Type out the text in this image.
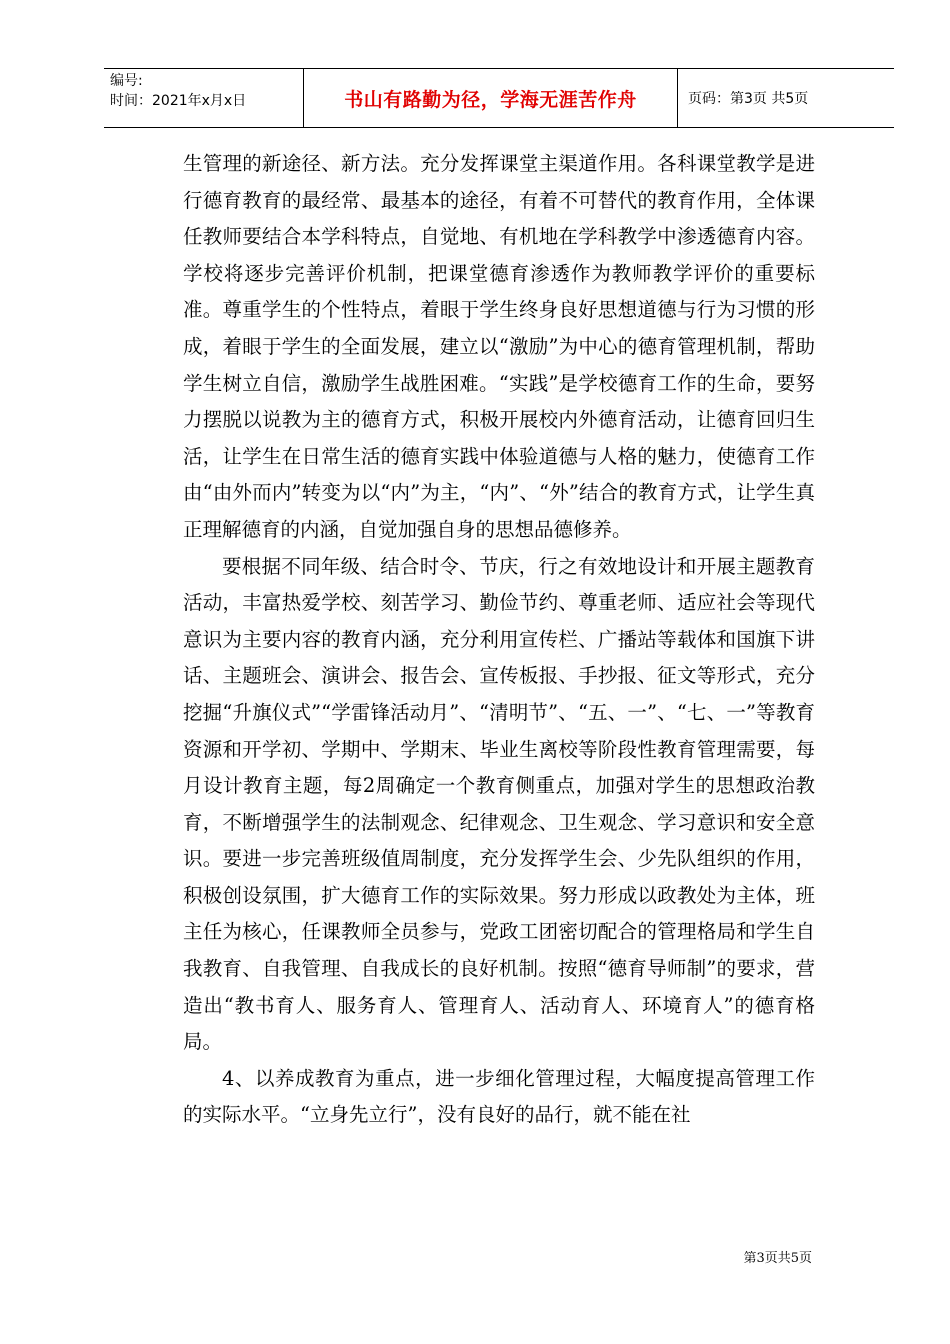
编号:
时间：2021年x月x日	书山有路勤为径，学海无涯苦作舟	页码：第3页 共5页

生管理的新途径、新方法。充分发挥课堂主渠道作用。各科课堂教学是进行德育教育的最经常、最基本的途径，有着不可替代的教育作用，全体课任教师要结合本学科特点，自觉地、有机地在学科教学中渗透德育内容。学校将逐步完善评价机制，把课堂德育渗透作为教师教学评价的重要标准。尊重学生的个性特点，着眼于学生终身良好思想道德与行为习惯的形成，着眼于学生的全面发展，建立以“激励”为中心的德育管理机制，帮助学生树立自信，激励学生战胜困难。“实践”是学校德育工作的生命，要努力摆脱以说教为主的德育方式，积极开展校内外德育活动，让德育回归生活，让学生在日常生活的德育实践中体验道德与人格的魅力，使德育工作由“由外而内”转变为以“内”为主，“内”、“外”结合的教育方式，让学生真正理解德育的内涵，自觉加强自身的思想品德修养。

要根据不同年级、结合时令、节庆，行之有效地设计和开展主题教育活动，丰富热爱学校、刻苦学习、勤俭节约、尊重老师、适应社会等现代意识为主要内容的教育内涵，充分利用宣传栏、广播站等载体和国旗下讲话、主题班会、演讲会、报告会、宣传板报、手抄报、征文等形式，充分挖掘“升旗仪式”“学雷锋活动月”、“清明节”、“五、一”、“七、一”等教育资源和开学初、学期中、学期末、毕业生离校等阶段性教育管理需要，每月设计教育主题，每2周确定一个教育侧重点，加强对学生的思想政治教育，不断增强学生的法制观念、纪律观念、卫生观念、学习意识和安全意识。要进一步完善班级值周制度，充分发挥学生会、少先队组织的作用，积极创设氛围，扩大德育工作的实际效果。努力形成以政教处为主体，班主任为核心，任课教师全员参与，党政工团密切配合的管理格局和学生自我教育、自我管理、自我成长的良好机制。按照“德育导师制”的要求，营造出“教书育人、服务育人、管理育人、活动育人、环境育人”的德育格局。

4、以养成教育为重点，进一步细化管理过程，大幅度提高管理工作的实际水平。“立身先立行”，没有良好的品行，就不能在社

第3页共5页
